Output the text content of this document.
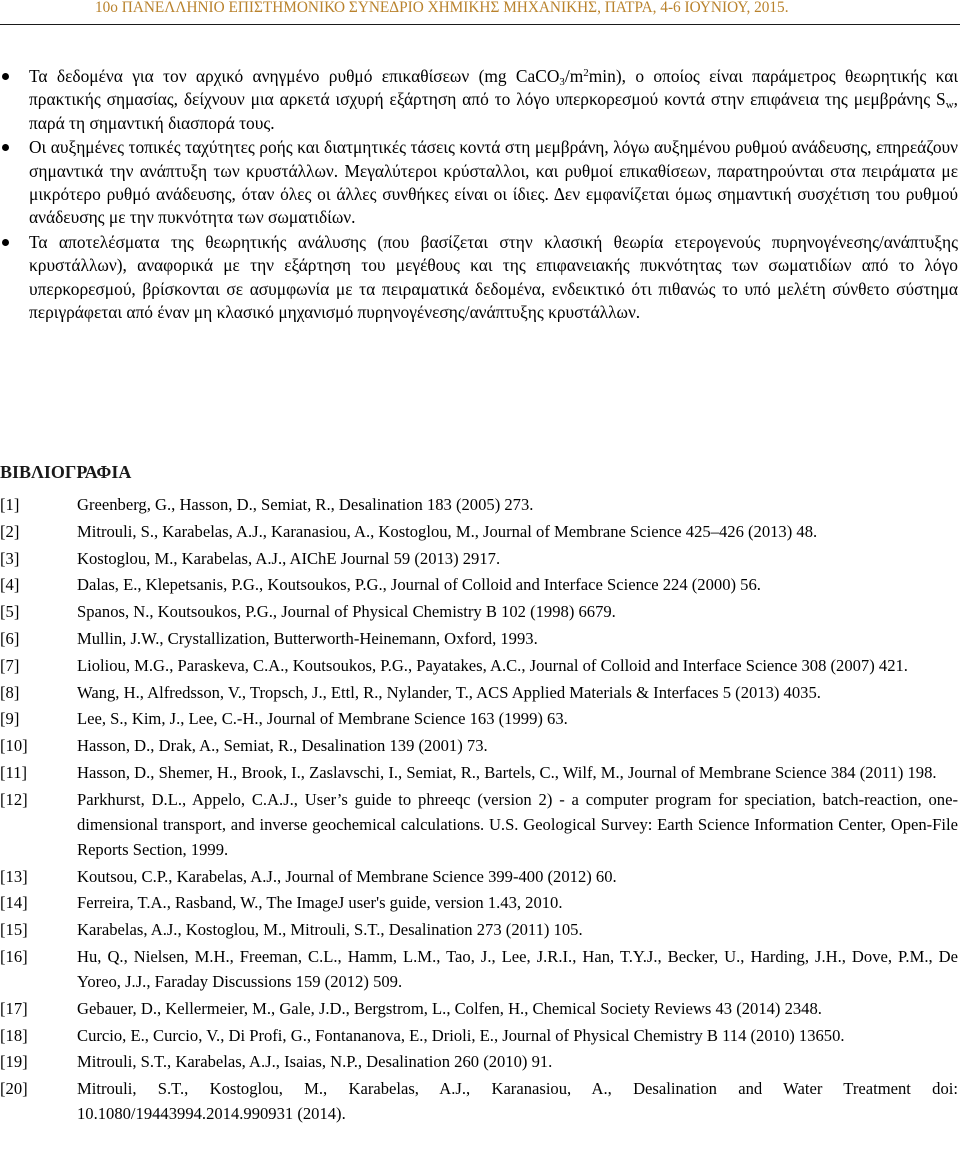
10ο ΠΑΝΕΛΛΗΝΙΟ ΕΠΙΣΤΗΜΟΝΙΚΟ ΣΥΝΕΔΡΙΟ ΧΗΜΙΚΗΣ ΜΗΧΑΝΙΚΗΣ, ΠΑΤΡΑ, 4-6 ΙΟΥΝΙΟΥ, 2015.
Τα δεδομένα για τον αρχικό ανηγμένο ρυθμό επικαθίσεων (mg $CaCO_3/m^2\min$), ο οποίος είναι παράμετρος θεωρητικής και πρακτικής σημασίας, δείχνουν μια αρκετά ισχυρή εξάρτηση από το λόγο υπερκορεσμού κοντά στην επιφάνεια της μεμβράνης $S_w$, παρά τη σημαντική διασπορά τους.
Οι αυξημένες τοπικές ταχύτητες ροής και διατμητικές τάσεις κοντά στη μεμβράνη, λόγω αυξημένου ρυθμού ανάδευσης, επηρεάζουν σημαντικά την ανάπτυξη των κρυστάλλων. Μεγαλύτεροι κρύσταλλοι, και ρυθμοί επικαθίσεων, παρατηρούνται στα πειράματα με μικρότερο ρυθμό ανάδευσης, όταν όλες οι άλλες συνθήκες είναι οι ίδιες. Δεν εμφανίζεται όμως σημαντική συσχέτιση του ρυθμού ανάδευσης με την πυκνότητα των σωματιδίων.
Τα αποτελέσματα της θεωρητικής ανάλυσης (που βασίζεται στην κλασική θεωρία ετερογενούς πυρηνογένεσης/ανάπτυξης κρυστάλλων), αναφορικά με την εξάρτηση του μεγέθους και της επιφανειακής πυκνότητας των σωματιδίων από το λόγο υπερκορεσμού, βρίσκονται σε ασυμφωνία με τα πειραματικά δεδομένα, ενδεικτικό ότι πιθανώς το υπό μελέτη σύνθετο σύστημα περιγράφεται από έναν μη κλασικό μηχανισμό πυρηνογένεσης/ανάπτυξης κρυστάλλων.
ΒΙΒΛΙΟΓΡΑΦΙΑ
[1]	Greenberg, G., Hasson, D., Semiat, R., Desalination 183 (2005) 273.
[2]	Mitrouli, S., Karabelas, A.J., Karanasiou, A., Kostoglou, M., Journal of Membrane Science 425–426 (2013) 48.
[3]	Kostoglou, M., Karabelas, A.J., AIChE Journal 59 (2013) 2917.
[4]	Dalas, E., Klepetsanis, P.G., Koutsoukos, P.G., Journal of Colloid and Interface Science 224 (2000) 56.
[5]	Spanos, N., Koutsoukos, P.G., Journal of Physical Chemistry B 102 (1998) 6679.
[6]	Mullin, J.W., Crystallization, Butterworth-Heinemann, Oxford, 1993.
[7]	Lioliou, M.G., Paraskeva, C.A., Koutsoukos, P.G., Payatakes, A.C., Journal of Colloid and Interface Science 308 (2007) 421.
[8]	Wang, H., Alfredsson, V., Tropsch, J., Ettl, R., Nylander, T., ACS Applied Materials & Interfaces 5 (2013) 4035.
[9]	Lee, S., Kim, J., Lee, C.-H., Journal of Membrane Science 163 (1999) 63.
[10]	Hasson, D., Drak, A., Semiat, R., Desalination 139 (2001) 73.
[11]	Hasson, D., Shemer, H., Brook, I., Zaslavschi, I., Semiat, R., Bartels, C., Wilf, M., Journal of Membrane Science 384 (2011) 198.
[12]	Parkhurst, D.L., Appelo, C.A.J., User’s guide to phreeqc (version 2) - a computer program for speciation, batch-reaction, one-dimensional transport, and inverse geochemical calculations. U.S. Geological Survey: Earth Science Information Center, Open-File Reports Section, 1999.
[13]	Koutsou, C.P., Karabelas, A.J., Journal of Membrane Science 399-400 (2012) 60.
[14]	Ferreira, T.A., Rasband, W., The ImageJ user's guide, version 1.43, 2010.
[15]	Karabelas, A.J., Kostoglou, M., Mitrouli, S.T., Desalination 273 (2011) 105.
[16]	Hu, Q., Nielsen, M.H., Freeman, C.L., Hamm, L.M., Tao, J., Lee, J.R.I., Han, T.Y.J., Becker, U., Harding, J.H., Dove, P.M., De Yoreo, J.J., Faraday Discussions 159 (2012) 509.
[17]	Gebauer, D., Kellermeier, M., Gale, J.D., Bergstrom, L., Colfen, H., Chemical Society Reviews 43 (2014) 2348.
[18]	Curcio, E., Curcio, V., Di Profi, G., Fontananova, E., Drioli, E., Journal of Physical Chemistry B 114 (2010) 13650.
[19]	Mitrouli, S.T., Karabelas, A.J., Isaias, N.P., Desalination 260 (2010) 91.
[20]	Mitrouli, S.T., Kostoglou, M., Karabelas, A.J., Karanasiou, A., Desalination and Water Treatment doi: 10.1080/19443994.2014.990931 (2014).
